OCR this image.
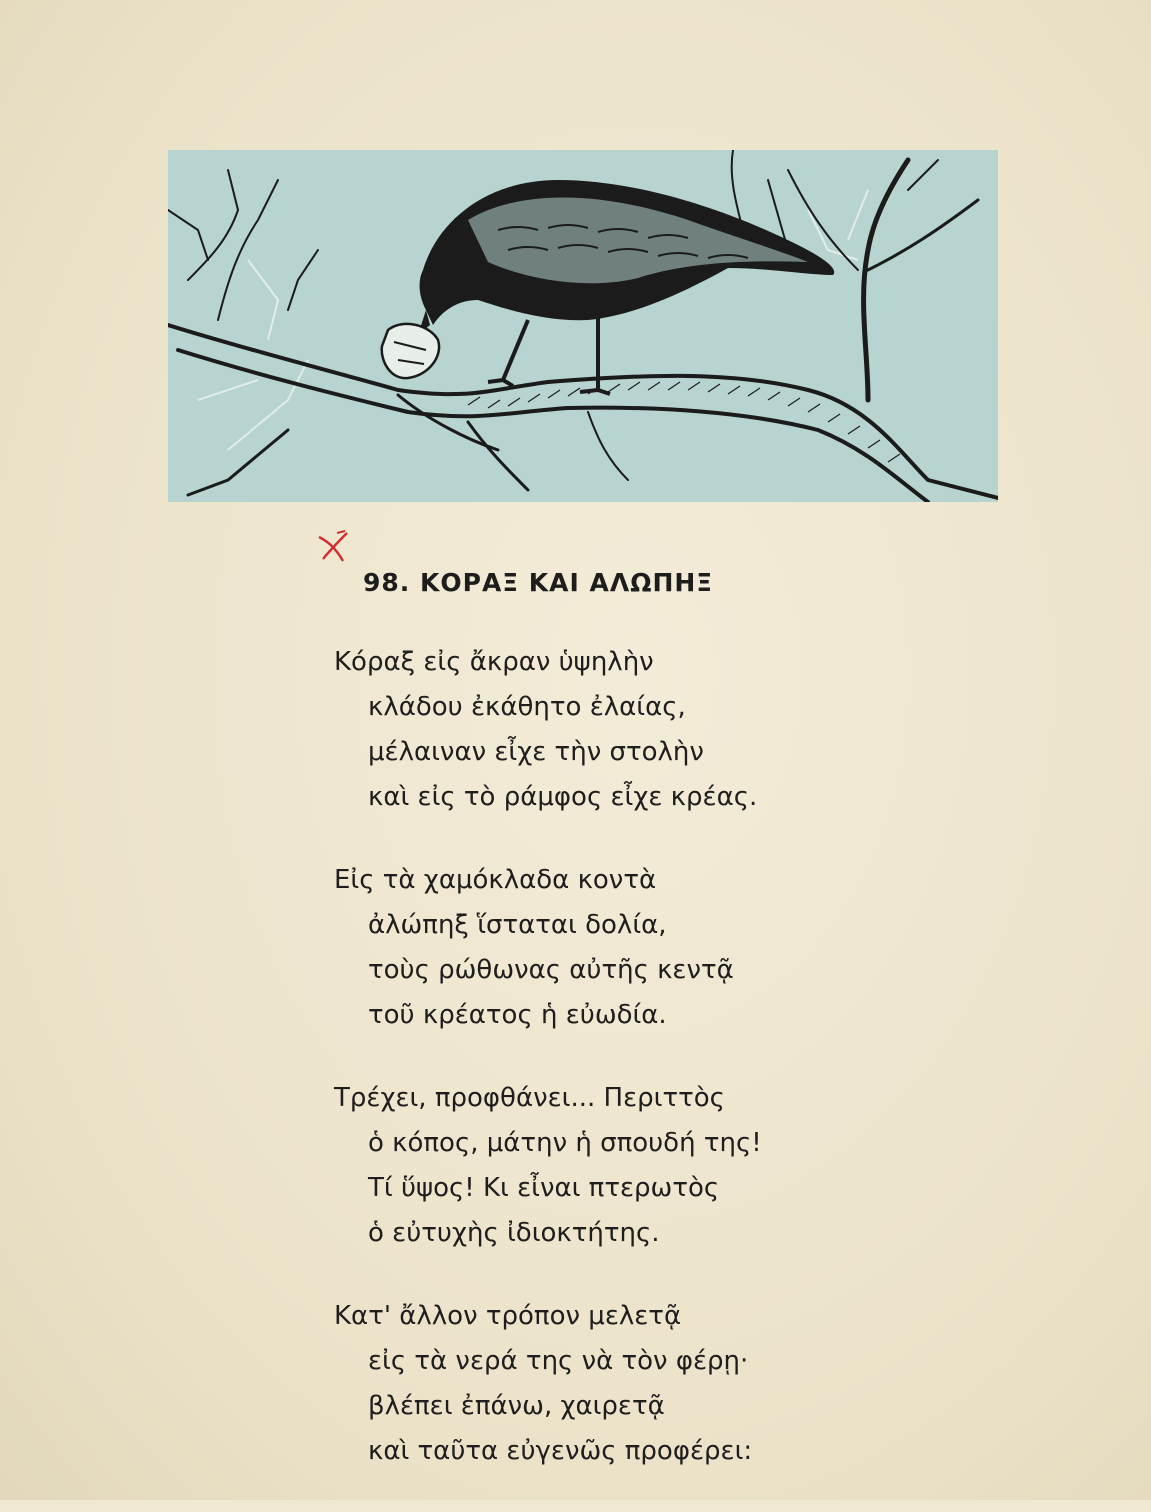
98. ΚΟΡΑΞ ΚΑΙ ΑΛΩΠΗΞ
Κόραξ εἰς ἄκραν ὑψηλὴν
κλάδου ἐκάθητο ἐλαίας,
μέλαιναν εἶχε τὴν στολὴν
καὶ εἰς τὸ ράμφος εἶχε κρέας.
Εἰς τὰ χαμόκλαδα κοντὰ
ἀλώπηξ ἵσταται δολία,
τοὺς ρώθωνας αὐτῆς κεντᾷ
τοῦ κρέατος ἡ εὐωδία.
Τρέχει, προφθάνει... Περιττὸς
ὁ κόπος, μάτην ἡ σπουδή της!
Τί ὕψος! Κι εἶναι πτερωτὸς
ὁ εὐτυχὴς ἰδιοκτήτης.
Κατ' ἄλλον τρόπον μελετᾷ
εἰς τὰ νερά της νὰ τὸν φέρῃ·
βλέπει ἐπάνω, χαιρετᾷ
καὶ ταῦτα εὐγενῶς προφέρει:
